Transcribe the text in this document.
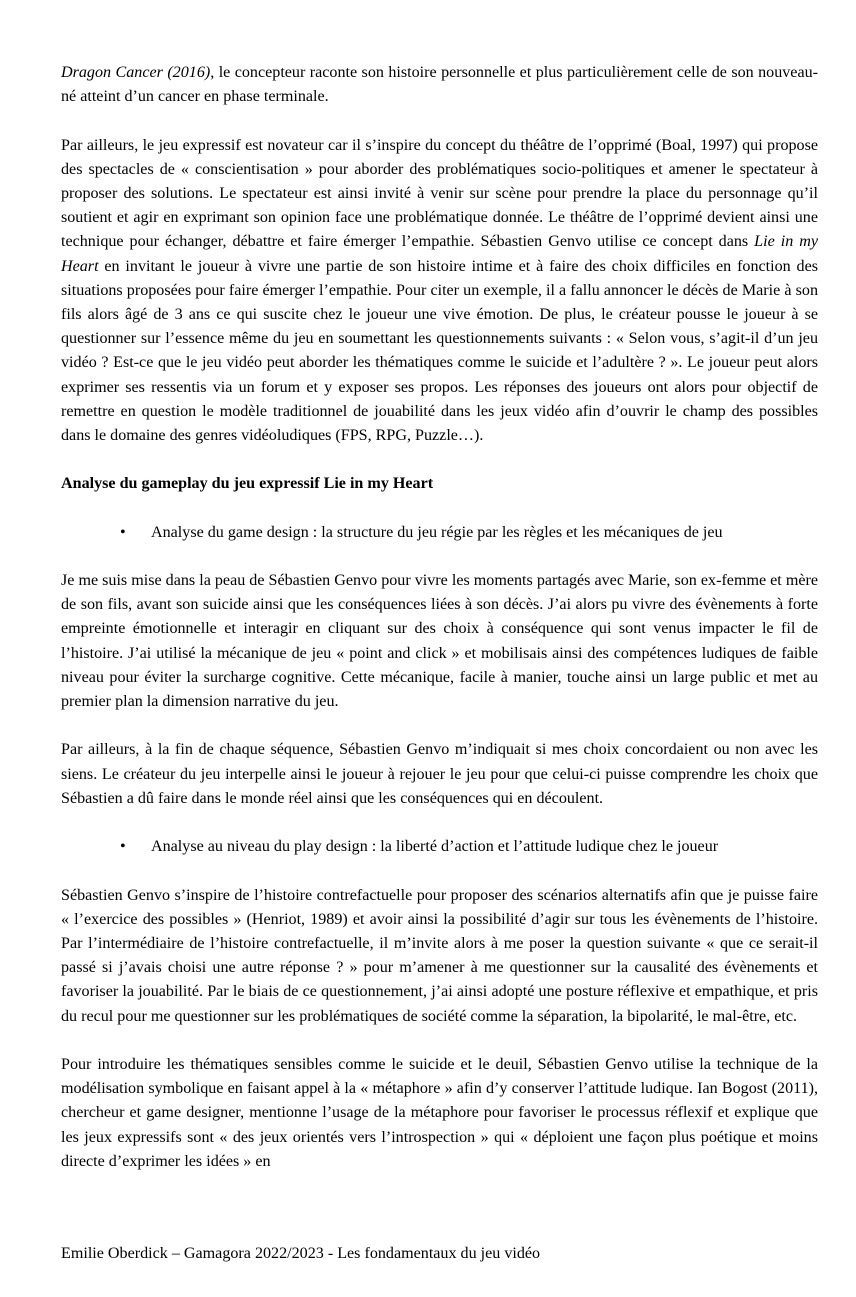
Dragon Cancer (2016), le concepteur raconte son histoire personnelle et plus particulièrement celle de son nouveau-né atteint d’un cancer en phase terminale.

Par ailleurs, le jeu expressif est novateur car il s’inspire du concept du théâtre de l’opprimé (Boal, 1997) qui propose des spectacles de « conscientisation » pour aborder des problématiques socio-politiques et amener le spectateur à proposer des solutions. Le spectateur est ainsi invité à venir sur scène pour prendre la place du personnage qu’il soutient et agir en exprimant son opinion face une problématique donnée. Le théâtre de l’opprimé devient ainsi une technique pour échanger, débattre et faire émerger l’empathie. Sébastien Genvo utilise ce concept dans Lie in my Heart en invitant le joueur à vivre une partie de son histoire intime et à faire des choix difficiles en fonction des situations proposées pour faire émerger l’empathie. Pour citer un exemple, il a fallu annoncer le décès de Marie à son fils alors âgé de 3 ans ce qui suscite chez le joueur une vive émotion. De plus, le créateur pousse le joueur à se questionner sur l’essence même du jeu en soumettant les questionnements suivants : « Selon vous, s’agit-il d’un jeu vidéo ? Est-ce que le jeu vidéo peut aborder les thématiques comme le suicide et l’adultère ? ». Le joueur peut alors exprimer ses ressentis via un forum et y exposer ses propos. Les réponses des joueurs ont alors pour objectif de remettre en question le modèle traditionnel de jouabilité dans les jeux vidéo afin d’ouvrir le champ des possibles dans le domaine des genres vidéoludiques (FPS, RPG, Puzzle…).

Analyse du gameplay du jeu expressif Lie in my Heart

• Analyse du game design : la structure du jeu régie par les règles et les mécaniques de jeu

Je me suis mise dans la peau de Sébastien Genvo pour vivre les moments partagés avec Marie, son ex-femme et mère de son fils, avant son suicide ainsi que les conséquences liées à son décès. J’ai alors pu vivre des évènements à forte empreinte émotionnelle et interagir en cliquant sur des choix à conséquence qui sont venus impacter le fil de l’histoire. J’ai utilisé la mécanique de jeu « point and click » et mobilisais ainsi des compétences ludiques de faible niveau pour éviter la surcharge cognitive. Cette mécanique, facile à manier, touche ainsi un large public et met au premier plan la dimension narrative du jeu.

Par ailleurs, à la fin de chaque séquence, Sébastien Genvo m’indiquait si mes choix concordaient ou non avec les siens. Le créateur du jeu interpelle ainsi le joueur à rejouer le jeu pour que celui-ci puisse comprendre les choix que Sébastien a dû faire dans le monde réel ainsi que les conséquences qui en découlent.

• Analyse au niveau du play design : la liberté d’action et l’attitude ludique chez le joueur

Sébastien Genvo s’inspire de l’histoire contrefactuelle pour proposer des scénarios alternatifs afin que je puisse faire « l’exercice des possibles » (Henriot, 1989) et avoir ainsi la possibilité d’agir sur tous les évènements de l’histoire. Par l’intermédiaire de l’histoire contrefactuelle, il m’invite alors à me poser la question suivante « que ce serait-il passé si j’avais choisi une autre réponse ? » pour m’amener à me questionner sur la causalité des évènements et favoriser la jouabilité. Par le biais de ce questionnement, j’ai ainsi adopté une posture réflexive et empathique, et pris du recul pour me questionner sur les problématiques de société comme la séparation, la bipolarité, le mal-être, etc.

Pour introduire les thématiques sensibles comme le suicide et le deuil, Sébastien Genvo utilise la technique de la modélisation symbolique en faisant appel à la « métaphore » afin d’y conserver l’attitude ludique. Ian Bogost (2011), chercheur et game designer, mentionne l’usage de la métaphore pour favoriser le processus réflexif et explique que les jeux expressifs sont « des jeux orientés vers l’introspection » qui « déploient une façon plus poétique et moins directe d’exprimer les idées » en

Emilie Oberdick – Gamagora 2022/2023 - Les fondamentaux du jeu vidéo
